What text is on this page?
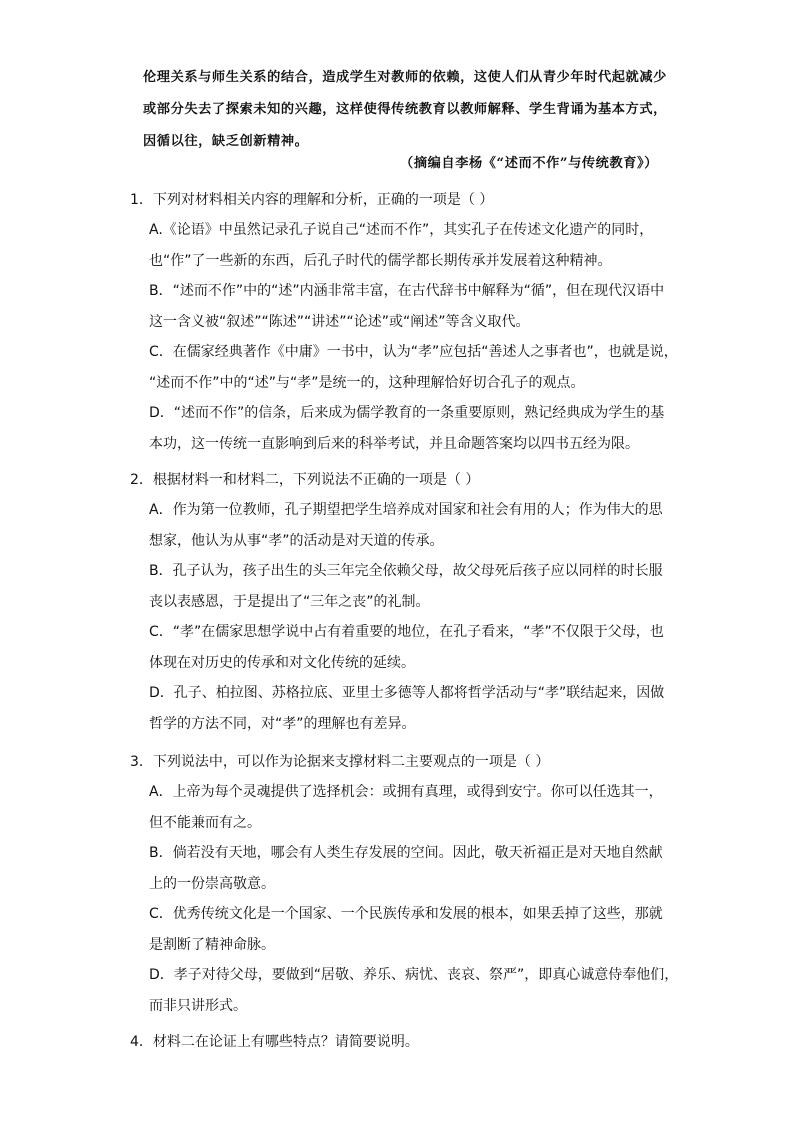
伦理关系与师生关系的结合，造成学生对教师的依赖，这使人们从青少年时代起就减少

或部分失去了探索未知的兴趣，这样使得传统教育以教师解释、学生背诵为基本方式，

因循以往，缺乏创新精神。

（摘编自李杨《“述而不作”与传统教育》）
1．下列对材料相关内容的理解和分析，正确的一项是（ ）
A.《论语》中虽然记录孔子说自己“述而不作”，其实孔子在传述文化遗产的同时，
也“作”了一些新的东西，后孔子时代的儒学都长期传承并发展着这种精神。
B．“述而不作”中的“述”内涵非常丰富，在古代辞书中解释为“循”，但在现代汉语中
这一含义被“叙述”“陈述”“讲述”“论述”或“阐述”等含义取代。
C．在儒家经典著作《中庸》一书中，认为“孝”应包括“善述人之事者也”，也就是说，
“述而不作”中的“述”与“孝”是统一的，这种理解恰好切合孔子的观点。
D．“述而不作”的信条，后来成为儒学教育的一条重要原则，熟记经典成为学生的基
本功，这一传统一直影响到后来的科举考试，并且命题答案均以四书五经为限。
2．根据材料一和材料二，下列说法不正确的一项是（ ）
A．作为第一位教师，孔子期望把学生培养成对国家和社会有用的人；作为伟大的思
想家，他认为从事“孝”的活动是对天道的传承。
B．孔子认为，孩子出生的头三年完全依赖父母，故父母死后孩子应以同样的时长服
丧以表感恩，于是提出了“三年之丧”的礼制。
C．“孝”在儒家思想学说中占有着重要的地位，在孔子看来，“孝”不仅限于父母，也
体现在对历史的传承和对文化传统的延续。
D．孔子、柏拉图、苏格拉底、亚里士多德等人都将哲学活动与“孝”联结起来，因做
哲学的方法不同，对“孝”的理解也有差异。
3．下列说法中，可以作为论据来支撑材料二主要观点的一项是（ ）
A．上帝为每个灵魂提供了选择机会：或拥有真理，或得到安宁。你可以任选其一，
但不能兼而有之。
B．倘若没有天地，哪会有人类生存发展的空间。因此，敬天祈福正是对天地自然献
上的一份崇高敬意。
C．优秀传统文化是一个国家、一个民族传承和发展的根本，如果丢掉了这些，那就
是割断了精神命脉。
D．孝子对待父母，要做到“居敬、养乐、病忧、丧哀、祭严”，即真心诚意侍奉他们，
而非只讲形式。
4．材料二在论证上有哪些特点？请简要说明。
